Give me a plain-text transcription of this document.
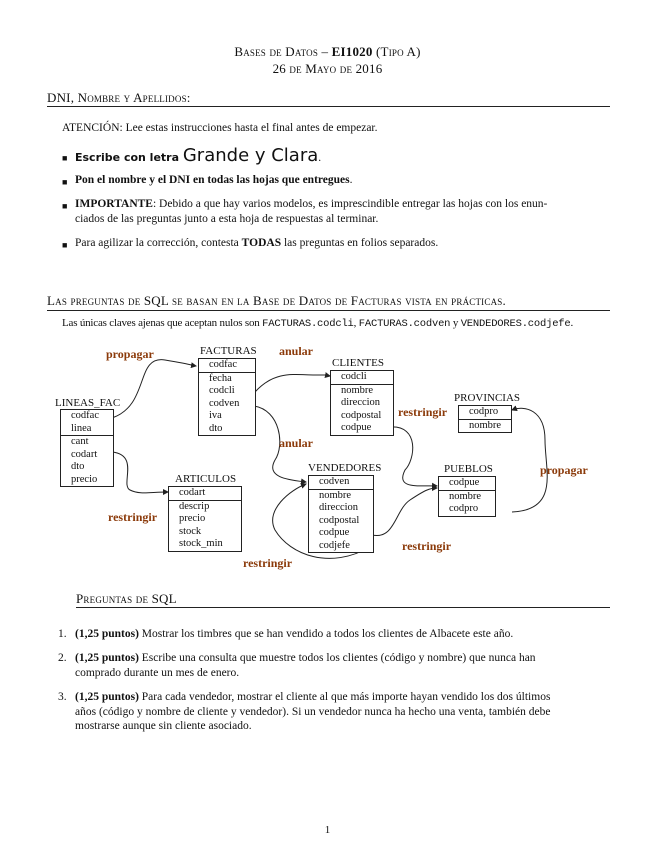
Bases de Datos – EI1020 (Tipo A)
26 de Mayo de 2016
DNI, Nombre y Apellidos:
ATENCIÓN: Lee estas instrucciones hasta el final antes de empezar.
■ Escribe con letra Grande y Clara.
■ Pon el nombre y el DNI en todas las hojas que entregues.
■ IMPORTANTE: Debido a que hay varios modelos, es imprescindible entregar las hojas con los enun-
ciados de las preguntas junto a esta hoja de respuestas al terminar.
■ Para agilizar la corrección, contesta TODAS las preguntas en folios separados.
Las preguntas de SQL se basan en la Base de Datos de Facturas vista en prácticas.
Las únicas claves ajenas que aceptan nulos son FACTURAS.codcli, FACTURAS.codven y VENDEDORES.codjefe.
FACTURAS
codfac
fecha
codcli
codven
iva
dto
CLIENTES
codcli
nombre
direccion
codpostal
codpue
LINEAS_FAC
codfac
linea
cant
codart
dto
precio
PROVINCIAS
codpro
nombre
ARTICULOS
codart
descrip
precio
stock
stock_min
VENDEDORES
codven
nombre
direccion
codpostal
codpue
codjefe
PUEBLOS
codpue
nombre
codpro
propagar	anular
anular
restringir
propagar
restringir
restringir
restringir
Preguntas de SQL
1. (1,25 puntos) Mostrar los timbres que se han vendido a todos los clientes de Albacete este año.
2. (1,25 puntos) Escribe una consulta que muestre todos los clientes (código y nombre) que nunca han
comprado durante un mes de enero.
3. (1,25 puntos) Para cada vendedor, mostrar el cliente al que más importe hayan vendido los dos últimos
años (código y nombre de cliente y vendedor). Si un vendedor nunca ha hecho una venta, también debe
mostrarse aunque sin cliente asociado.
1
